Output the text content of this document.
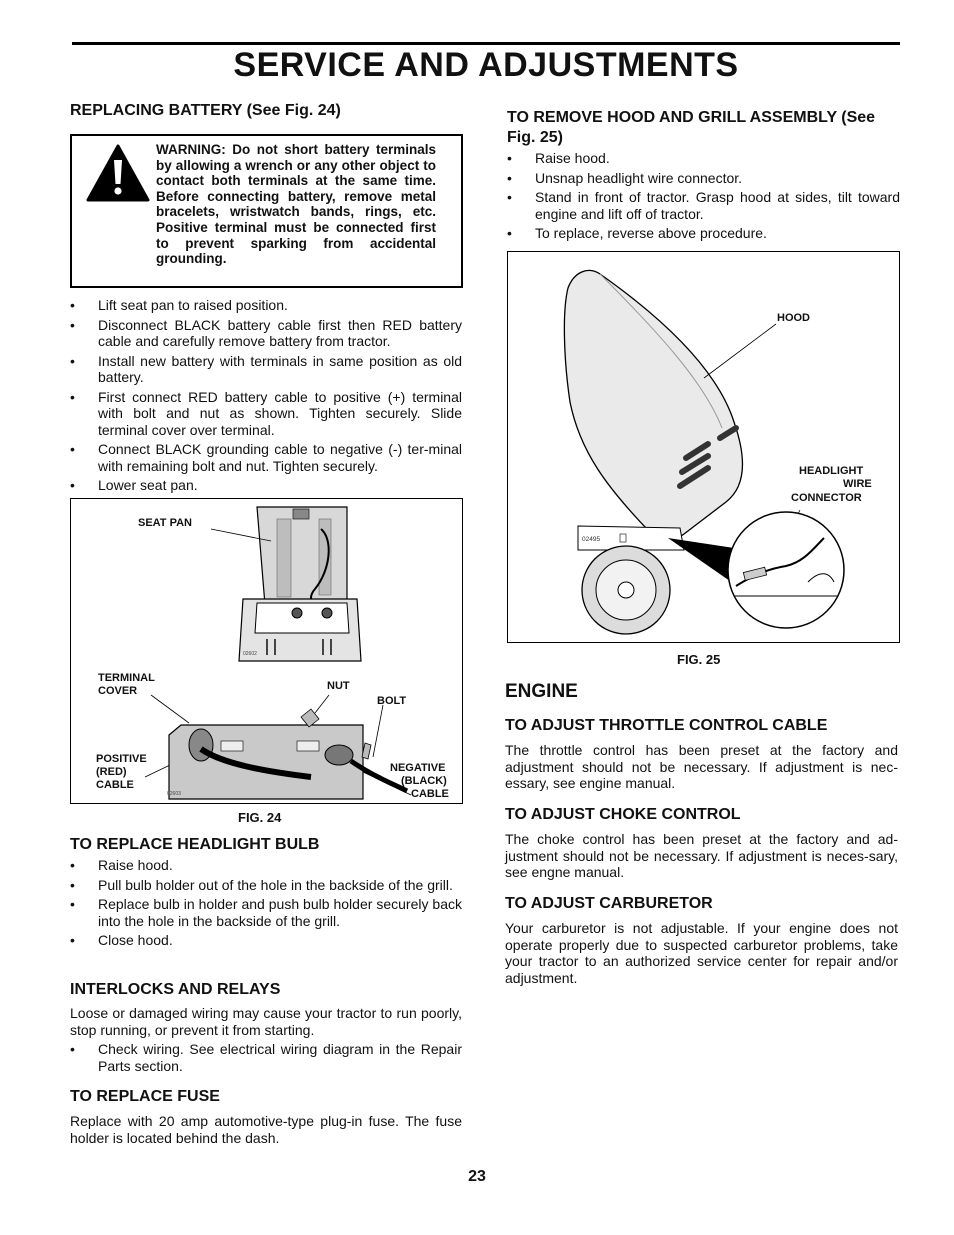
SERVICE AND ADJUSTMENTS
REPLACING BATTERY (See Fig. 24)
WARNING: Do not short battery terminals by allowing a wrench or any other object to contact both terminals at the same time. Before connecting battery, remove metal bracelets, wristwatch bands, rings, etc. Positive terminal must be connected first to prevent sparking from accidental grounding.
• Lift seat pan to raised position.
• Disconnect BLACK battery cable first then RED battery cable and carefully remove battery from tractor.
• Install new battery with terminals in same position as old battery.
• First connect RED battery cable to positive (+) terminal with bolt and nut as shown. Tighten securely. Slide terminal cover over terminal.
• Connect BLACK grounding cable to negative (-) ter-minal with remaining bolt and nut. Tighten securely.
• Lower seat pan.
02602
02603
SEAT PAN
TERMINAL
COVER	NUT
BOLT
POSITIVE
(RED)
CABLE
NEGATIVE
(BLACK)
CABLE
FIG. 24
TO REPLACE HEADLIGHT BULB
• Raise hood.
• Pull bulb holder out of the hole in the backside of the grill.
• Replace bulb in holder and push bulb holder securely back into the hole in the backside of the grill.
• Close hood.
INTERLOCKS AND RELAYS

Loose or damaged wiring may cause your tractor to run poorly, stop running, or prevent it from starting.

• Check wiring. See electrical wiring diagram in the Repair Parts section.
TO REPLACE FUSE

Replace with 20 amp automotive-type plug-in fuse. The fuse holder is located behind the dash.

TO REMOVE HOOD AND GRILL ASSEMBLY (See Fig. 25)
• Raise hood.
• Unsnap headlight wire connector.
• Stand in front of tractor. Grasp hood at sides, tilt toward engine and lift off of tractor.
• To replace, reverse above procedure.
02495
HOOD
HEADLIGHT
WIRE
CONNECTOR
FIG. 25
ENGINE
TO ADJUST THROTTLE CONTROL CABLE

The throttle control has been preset at the factory and adjustment should not be necessary. If adjustment is nec-essary, see engine manual.

TO ADJUST CHOKE CONTROL

The choke control has been preset at the factory and ad-justment should not be necessary. If adjustment is neces-sary, see engne manual.

TO ADJUST CARBURETOR

Your carburetor is not adjustable. If your engine does not operate properly due to suspected carburetor problems, take your tractor to an authorized service center for repair and/or adjustment.

23
